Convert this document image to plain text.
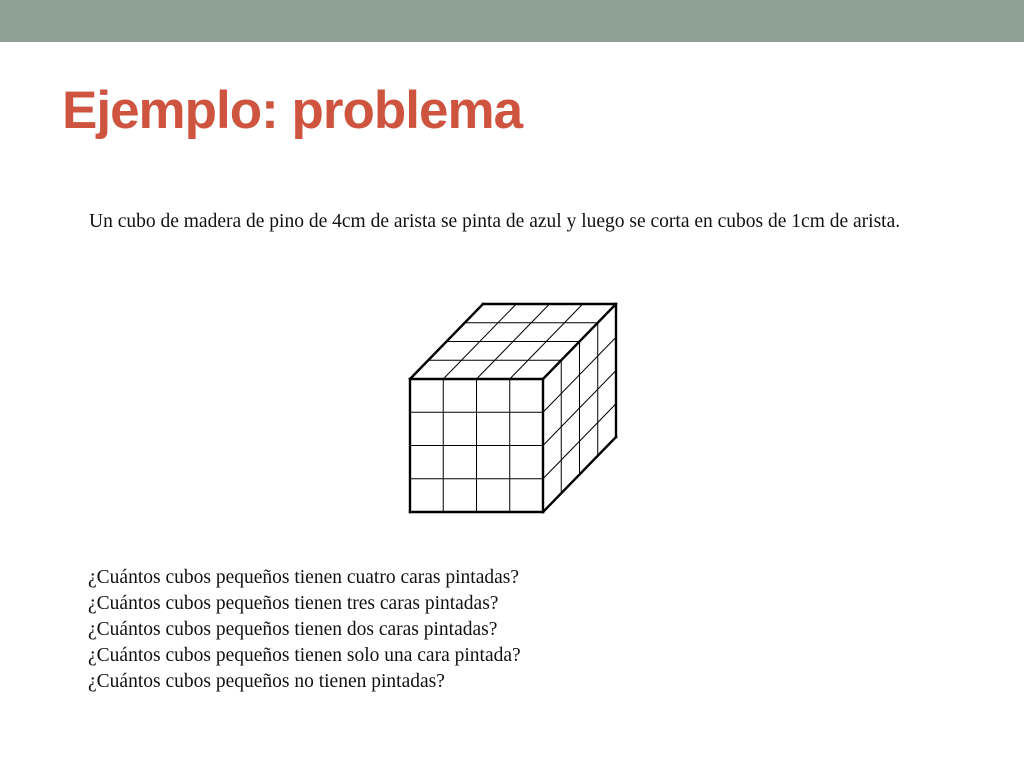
Ejemplo: problema

Un cubo de madera de pino de 4cm de arista se pinta de azul y luego se corta en cubos de 1cm de arista.

¿Cuántos cubos pequeños tienen cuatro caras pintadas?
¿Cuántos cubos pequeños tienen tres caras pintadas?
¿Cuántos cubos pequeños tienen dos caras pintadas?
¿Cuántos cubos pequeños tienen solo una cara pintada?
¿Cuántos cubos pequeños no tienen pintadas?
